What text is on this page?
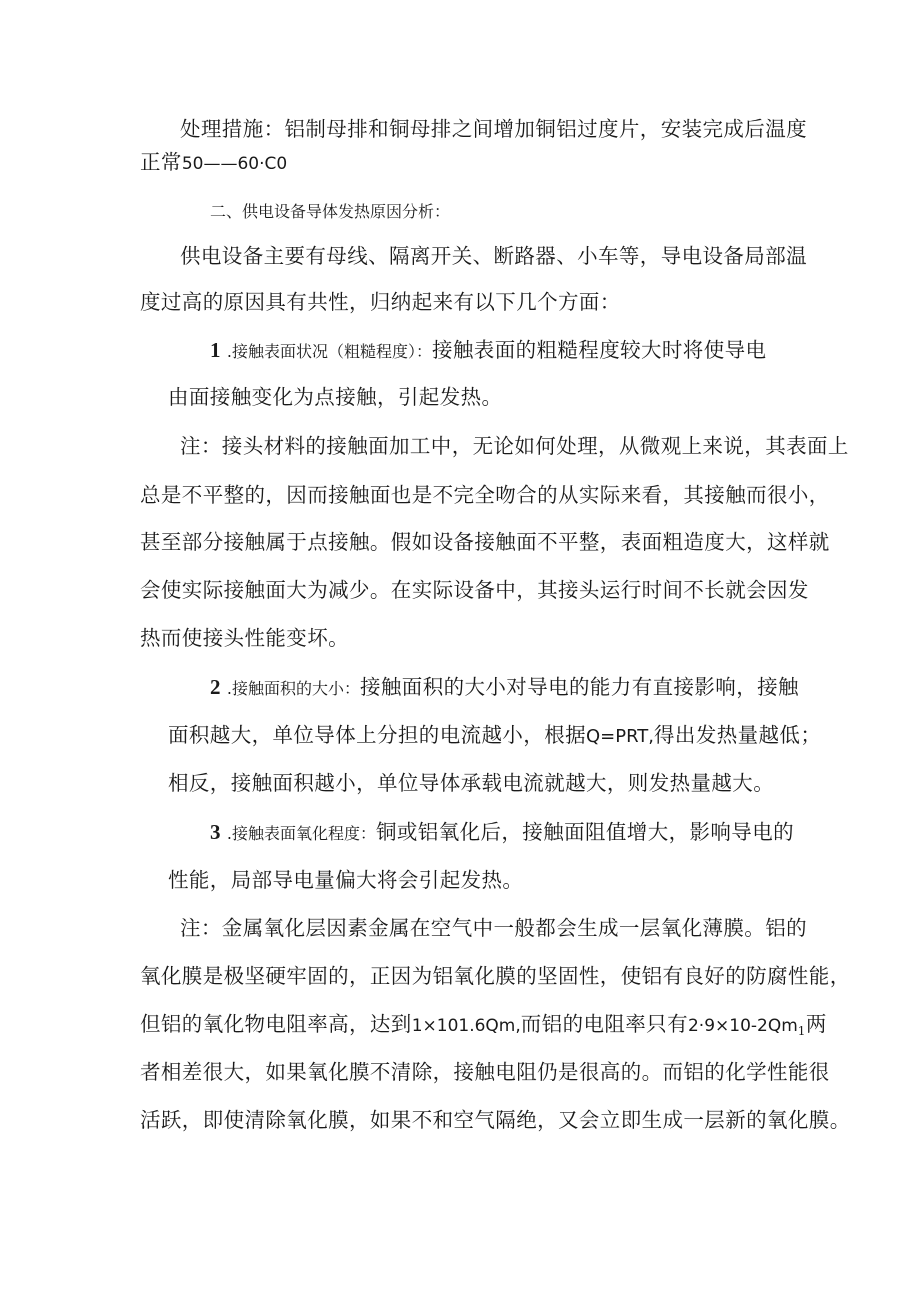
处理措施：铝制母排和铜母排之间增加铜铝过度片，安装完成后温度
正常50——60·C0
二、供电设备导体发热原因分析：
供电设备主要有母线、隔离开关、断路器、小车等，导电设备局部温
度过高的原因具有共性，归纳起来有以下几个方面：
1 .接触表面状况（粗糙程度）：接触表面的粗糙程度较大时将使导电
由面接触变化为点接触，引起发热。
注：接头材料的接触面加工中，无论如何处理，从微观上来说，其表面上
总是不平整的，因而接触面也是不完全吻合的从实际来看，其接触而很小，
甚至部分接触属于点接触。假如设备接触面不平整，表面粗造度大，这样就
会使实际接触面大为减少。在实际设备中，其接头运行时间不长就会因发
热而使接头性能变坏。
2 .接触面积的大小：接触面积的大小对导电的能力有直接影响，接触
面积越大，单位导体上分担的电流越小，根据Q=PRT,得出发热量越低；
相反，接触面积越小，单位导体承载电流就越大，则发热量越大。
3 .接触表面氧化程度：铜或铝氧化后，接触面阻值增大，影响导电的
性能，局部导电量偏大将会引起发热。
注：金属氧化层因素金属在空气中一般都会生成一层氧化薄膜。铝的
氧化膜是极坚硬牢固的，正因为铝氧化膜的坚固性，使铝有良好的防腐性能，
但铝的氧化物电阻率高，达到1×101.6Qm,而铝的电阻率只有$2\cdot 9\times 10-2Qm_1$两
者相差很大，如果氧化膜不清除，接触电阻仍是很高的。而铝的化学性能很
活跃，即使清除氧化膜，如果不和空气隔绝，又会立即生成一层新的氧化膜。
